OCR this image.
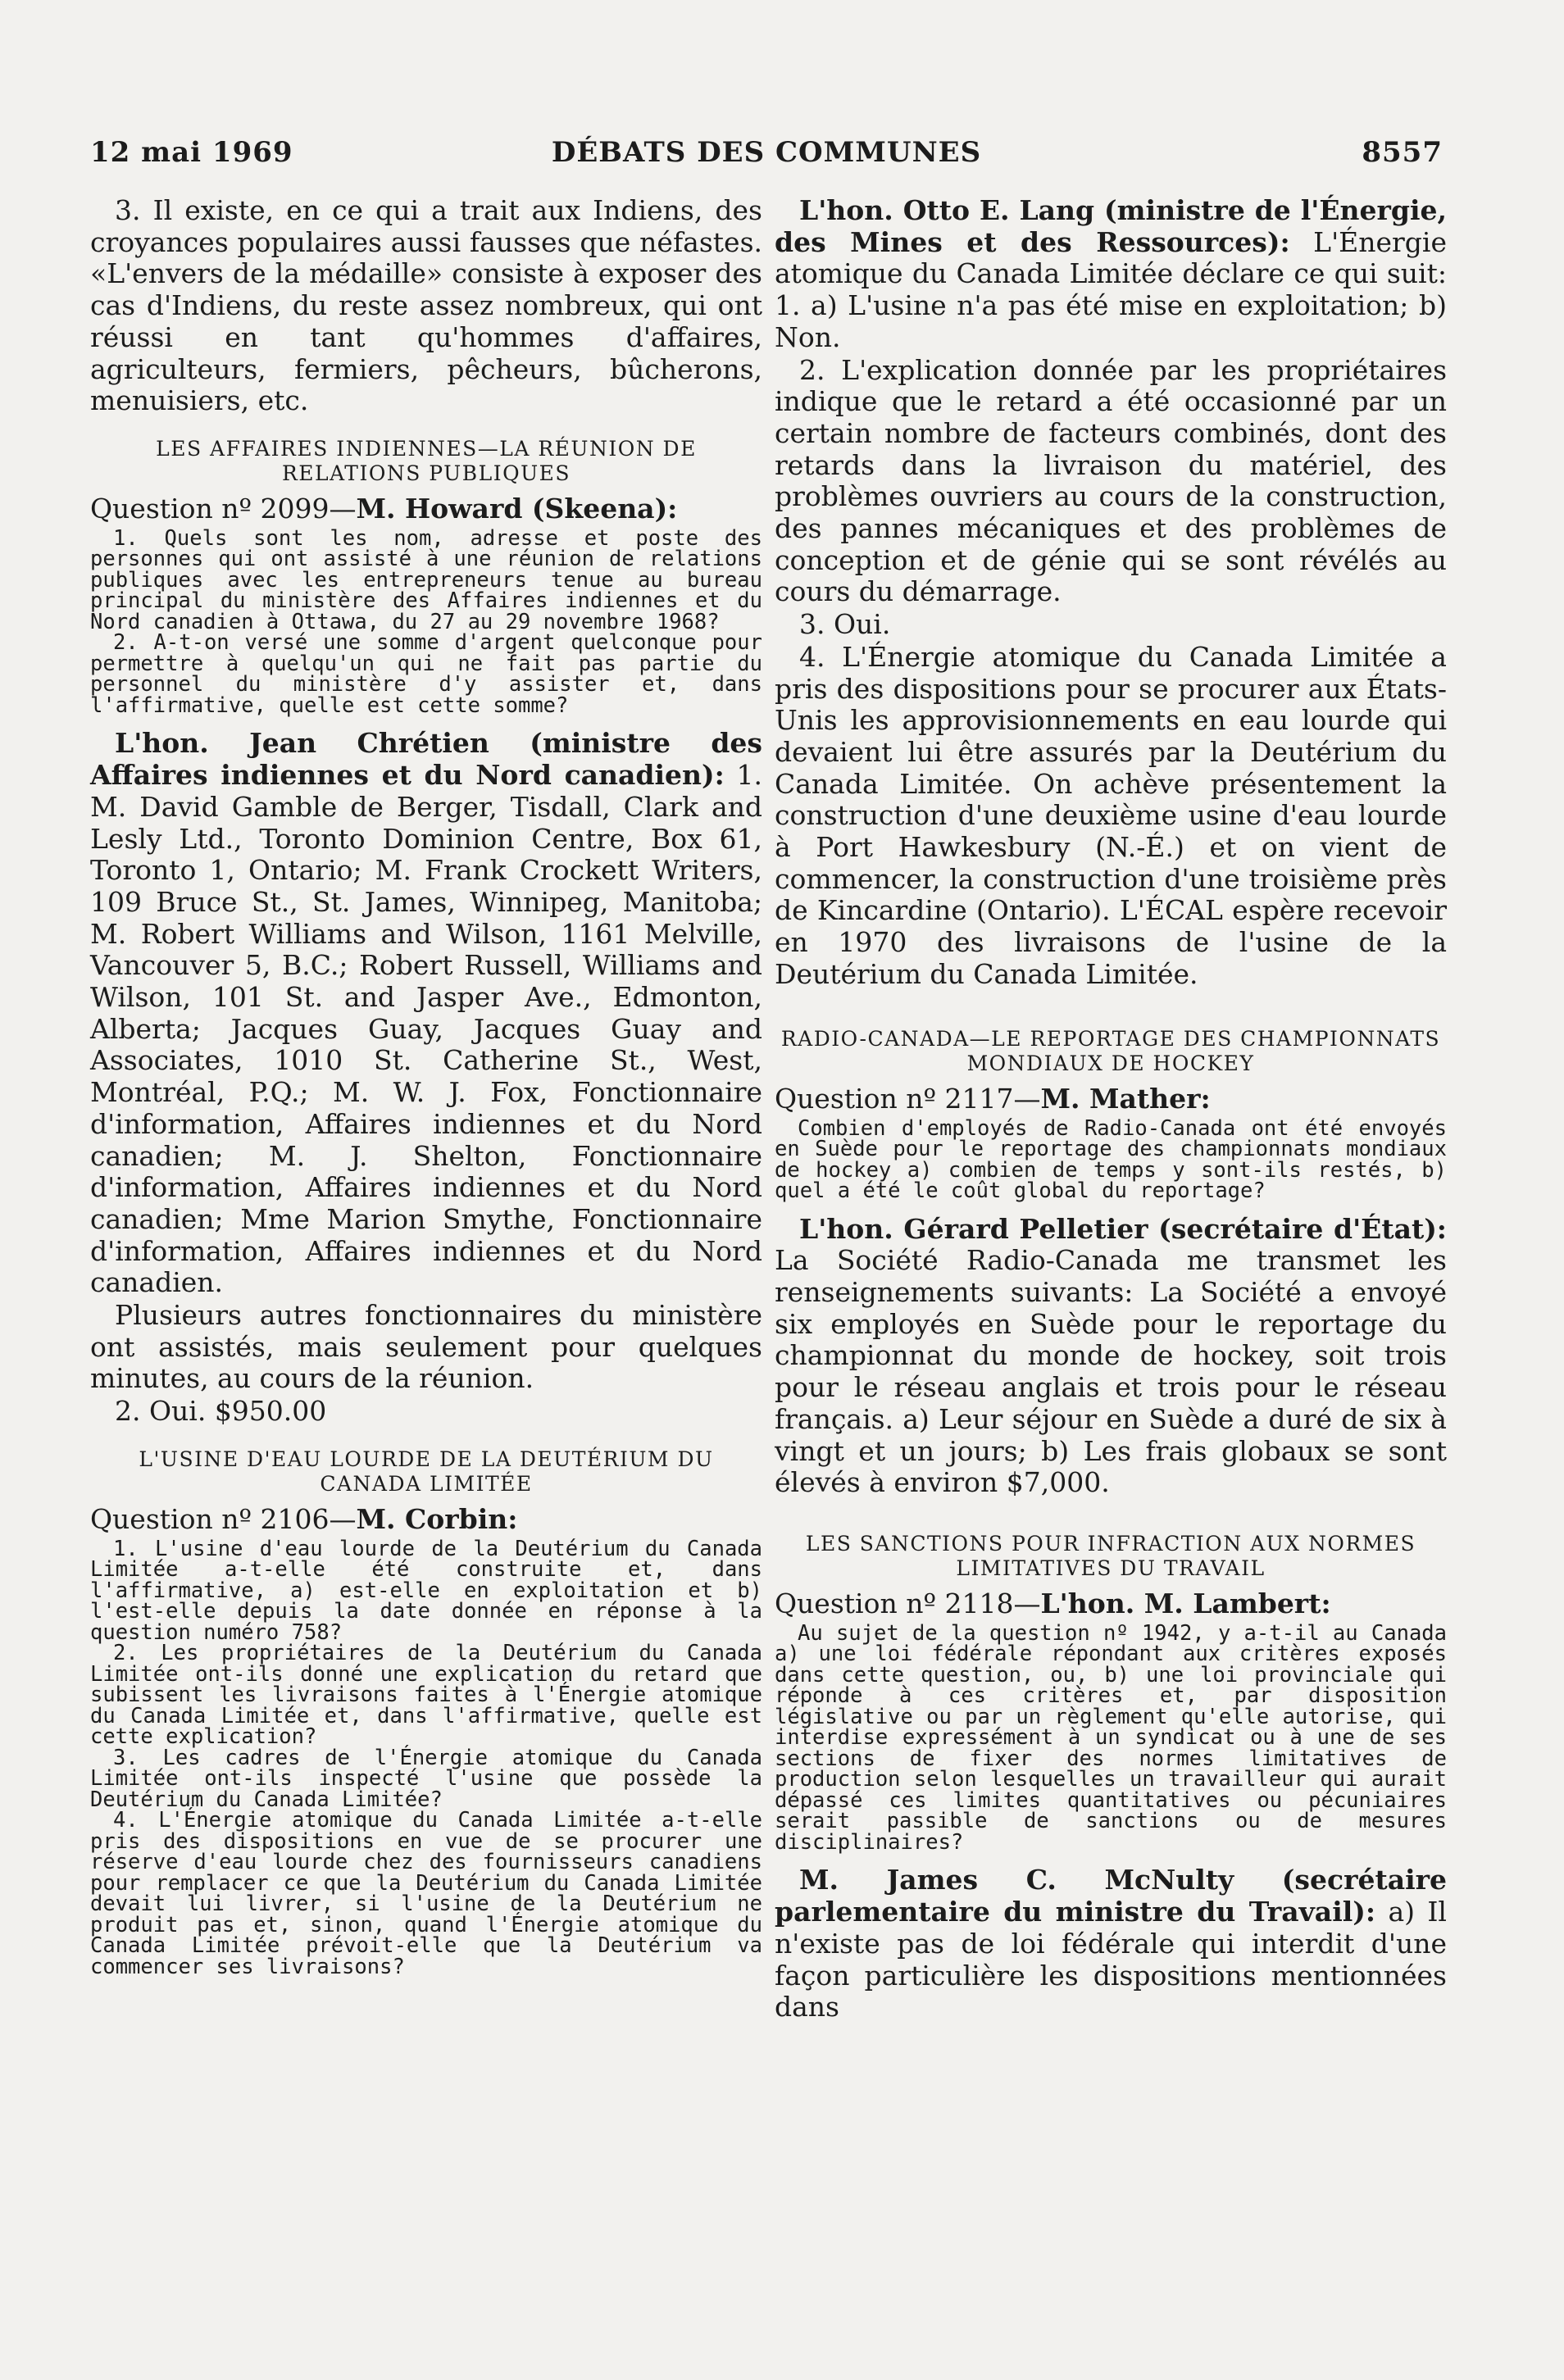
12 mai 1969	DÉBATS DES COMMUNES	8557

3. Il existe, en ce qui a trait aux Indiens, des croyances populaires aussi fausses que néfastes. «L'envers de la médaille» consiste à exposer des cas d'Indiens, du reste assez nombreux, qui ont réussi en tant qu'hommes d'affaires, agriculteurs, fermiers, pêcheurs, bûcherons, menuisiers, etc.

LES AFFAIRES INDIENNES—LA RÉUNION DE RELATIONS PUBLIQUES

Question nº 2099—M. Howard (Skeena):

1. Quels sont les nom, adresse et poste des personnes qui ont assisté à une réunion de relations publiques avec les entrepreneurs tenue au bureau principal du ministère des Affaires indiennes et du Nord canadien à Ottawa, du 27 au 29 novembre 1968?

2. A-t-on versé une somme d'argent quelconque pour permettre à quelqu'un qui ne fait pas partie du personnel du ministère d'y assister et, dans l'affirmative, quelle est cette somme?

L'hon. Jean Chrétien (ministre des Affaires indiennes et du Nord canadien): 1. M. David Gamble de Berger, Tisdall, Clark and Lesly Ltd., Toronto Dominion Centre, Box 61, Toronto 1, Ontario; M. Frank Crockett Writers, 109 Bruce St., St. James, Winnipeg, Manitoba; M. Robert Williams and Wilson, 1161 Melville, Vancouver 5, B.C.; Robert Russell, Williams and Wilson, 101 St. and Jasper Ave., Edmonton, Alberta; Jacques Guay, Jacques Guay and Associates, 1010 St. Catherine St., West, Montréal, P.Q.; M. W. J. Fox, Fonctionnaire d'information, Affaires indiennes et du Nord canadien; M. J. Shelton, Fonctionnaire d'information, Affaires indiennes et du Nord canadien; Mme Marion Smythe, Fonctionnaire d'information, Affaires indiennes et du Nord canadien.

Plusieurs autres fonctionnaires du ministère ont assistés, mais seulement pour quelques minutes, au cours de la réunion.

2. Oui. $950.00

L'USINE D'EAU LOURDE DE LA DEUTÉRIUM DU CANADA LIMITÉE

Question nº 2106—M. Corbin:

1. L'usine d'eau lourde de la Deutérium du Canada Limitée a-t-elle été construite et, dans l'affirmative, a) est-elle en exploitation et b) l'est-elle depuis la date donnée en réponse à la question numéro 758?

2. Les propriétaires de la Deutérium du Canada Limitée ont-ils donné une explication du retard que subissent les livraisons faites à l'Énergie atomique du Canada Limitée et, dans l'affirmative, quelle est cette explication?

3. Les cadres de l'Énergie atomique du Canada Limitée ont-ils inspecté l'usine que possède la Deutérium du Canada Limitée?

4. L'Énergie atomique du Canada Limitée a-t-elle pris des dispositions en vue de se procurer une réserve d'eau lourde chez des fournisseurs canadiens pour remplacer ce que la Deutérium du Canada Limitée devait lui livrer, si l'usine de la Deutérium ne produit pas et, sinon, quand l'Énergie atomique du Canada Limitée prévoit-elle que la Deutérium va commencer ses livraisons?

L'hon. Otto E. Lang (ministre de l'Énergie, des Mines et des Ressources): L'Énergie atomique du Canada Limitée déclare ce qui suit: 1. a) L'usine n'a pas été mise en exploitation; b) Non.

2. L'explication donnée par les propriétaires indique que le retard a été occasionné par un certain nombre de facteurs combinés, dont des retards dans la livraison du matériel, des problèmes ouvriers au cours de la construction, des pannes mécaniques et des problèmes de conception et de génie qui se sont révélés au cours du démarrage.

3. Oui.

4. L'Énergie atomique du Canada Limitée a pris des dispositions pour se procurer aux États-Unis les approvisionnements en eau lourde qui devaient lui être assurés par la Deutérium du Canada Limitée. On achève présentement la construction d'une deuxième usine d'eau lourde à Port Hawkesbury (N.-É.) et on vient de commencer, la construction d'une troisième près de Kincardine (Ontario). L'ÉCAL espère recevoir en 1970 des livraisons de l'usine de la Deutérium du Canada Limitée.

RADIO-CANADA—LE REPORTAGE DES CHAMPIONNATS MONDIAUX DE HOCKEY

Question nº 2117—M. Mather:

Combien d'employés de Radio-Canada ont été envoyés en Suède pour le reportage des championnats mondiaux de hockey a) combien de temps y sont-ils restés, b) quel a été le coût global du reportage?

L'hon. Gérard Pelletier (secrétaire d'État): La Société Radio-Canada me transmet les renseignements suivants: La Société a envoyé six employés en Suède pour le reportage du championnat du monde de hockey, soit trois pour le réseau anglais et trois pour le réseau français. a) Leur séjour en Suède a duré de six à vingt et un jours; b) Les frais globaux se sont élevés à environ $7,000.

LES SANCTIONS POUR INFRACTION AUX NORMES LIMITATIVES DU TRAVAIL

Question nº 2118—L'hon. M. Lambert:

Au sujet de la question nº 1942, y a-t-il au Canada a) une loi fédérale répondant aux critères exposés dans cette question, ou, b) une loi provinciale qui réponde à ces critères et, par disposition législative ou par un règlement qu'elle autorise, qui interdise expressément à un syndicat ou à une de ses sections de fixer des normes limitatives de production selon lesquelles un travailleur qui aurait dépassé ces limites quantitatives ou pécuniaires serait passible de sanctions ou de mesures disciplinaires?

M. James C. McNulty (secrétaire parlementaire du ministre du Travail): a) Il n'existe pas de loi fédérale qui interdit d'une façon particulière les dispositions mentionnées dans
